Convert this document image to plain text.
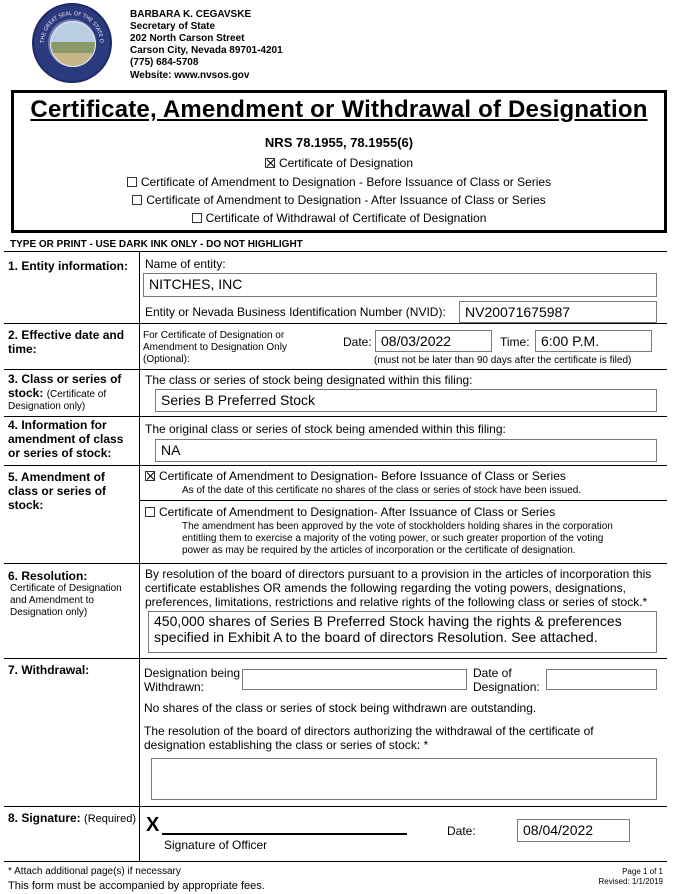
THE GREAT SEAL OF THE STATE O
BARBARA K. CEGAVSKE
Secretary of State
202 North Carson Street
Carson City, Nevada 89701-4201
(775) 684-5708
Website: www.nvsos.gov
Certificate, Amendment or Withdrawal of Designation
NRS 78.1955, 78.1955(6)
Certificate of Designation
Certificate of Amendment to Designation - Before Issuance of Class or Series
Certificate of Amendment to Designation - After Issuance of Class or Series
Certificate of Withdrawal of Certificate of Designation
TYPE OR PRINT - USE DARK INK ONLY - DO NOT HIGHLIGHT
1. Entity information: Name of entity:
NITCHES, INC
Entity or Nevada Business Identification Number (NVID):	NV20071675987
2. Effective date and
time:
For Certificate of Designation or
Amendment to Designation Only
(Optional):
Date: 08/03/2022	Time: 6:00 P.M.
(must not be later than 90 days after the certificate is filed)
3. Class or series of
stock: (Certificate of
Designation only)
The class or series of stock being designated within this filing:
Series B Preferred Stock
4. Information for
amendment of class
or series of stock:
The original class or series of stock being amended within this filing:
NA
5. Amendment of
class or series of
stock:
Certificate of Amendment to Designation- Before Issuance of Class or Series
As of the date of this certificate no shares of the class or series of stock have been issued.
Certificate of Amendment to Designation- After Issuance of Class or Series
The amendment has been approved by the vote of stockholders holding shares in the corporation
entitling them to exercise a majority of the voting power, or such greater proportion of the voting
power as may be required by the articles of incorporation or the certificate of designation.
6. Resolution:
Certificate of Designation
and Amendment to
Designation only)
By resolution of the board of directors pursuant to a provision in the articles of incorporation this
certificate establishes OR amends the following regarding the voting powers, designations,
preferences, limitations, restrictions and relative rights of the following class or series of stock.*
450,000 shares of Series B Preferred Stock having the rights & preferences
specified in Exhibit A to the board of directors Resolution. See attached.
7. Withdrawal:	Designation being
Withdrawn:
Date of
Designation:
No shares of the class or series of stock being withdrawn are outstanding.
The resolution of the board of directors authorizing the withdrawal of the certificate of
designation establishing the class or series of stock: *
8. Signature: (Required) X
Signature of Officer
Date:	08/04/2022
* Attach additional page(s) if necessary
This form must be accompanied by appropriate fees.
Page 1 of 1
Revised: 1/1/2019
